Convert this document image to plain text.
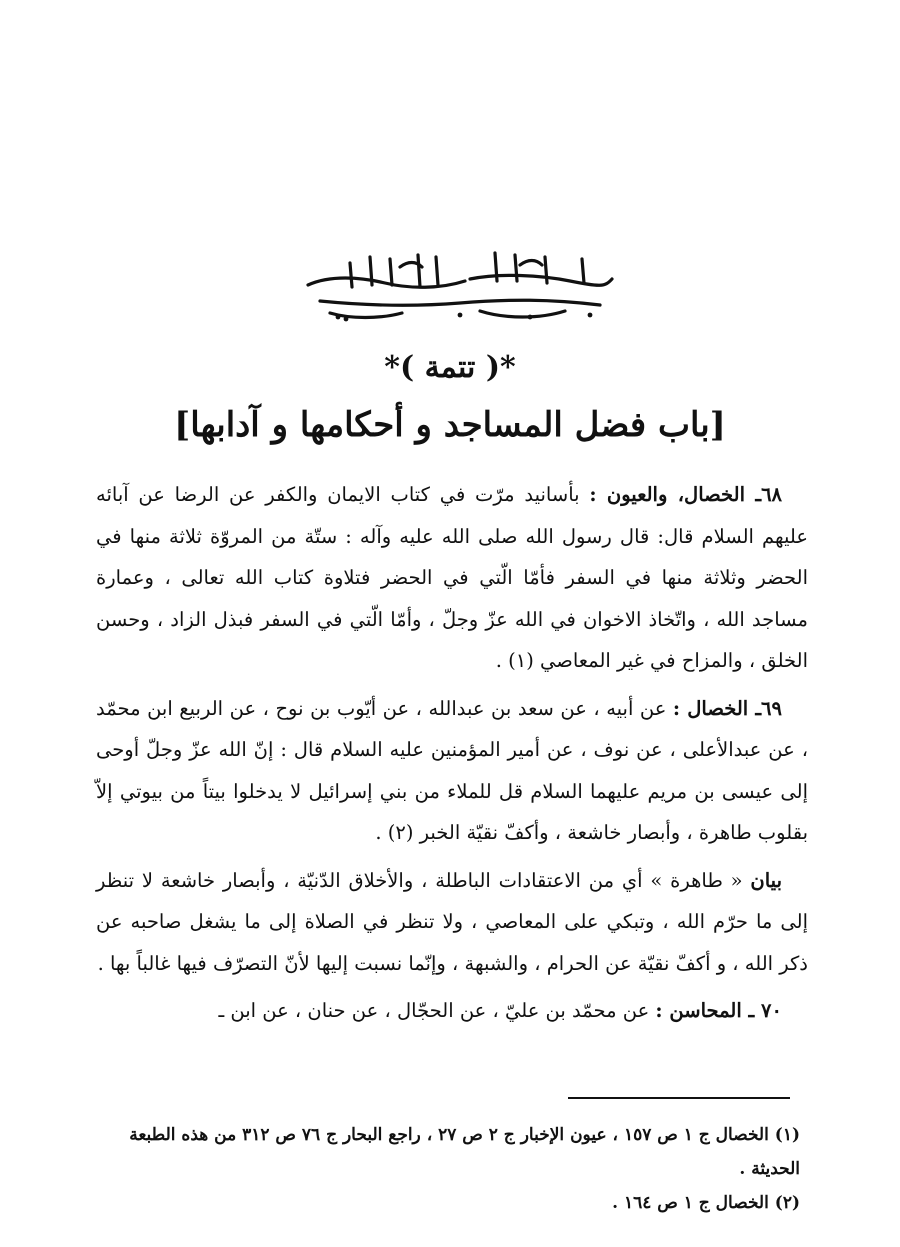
*( تتمة )*
[باب فضل المساجد و أحكامها و آدابها]

٦٨ـ الخصال، والعيون : بأسانيد مرّت في كتاب الايمان والكفر عن الرضا عن آبائه عليهم السلام قال: قال رسول الله صلى الله عليه وآله : ستّة من المروّة ثلاثة منها في الحضر وثلاثة منها في السفر فأمّا الّتي في الحضر فتلاوة كتاب الله تعالى ، وعمارة مساجد الله ، واتّخاذ الاخوان في الله عزّ وجلّ ، وأمّا الّتي في السفر فبذل الزاد ، وحسن الخلق ، والمزاح في غير المعاصي (١) .

٦٩ـ الخصال : عن أبيه ، عن سعد بن عبدالله ، عن أيّوب بن نوح ، عن الربيع ابن محمّد ، عن عبدالأعلى ، عن نوف ، عن أمير المؤمنين عليه السلام قال : إنّ الله عزّ وجلّ أوحى إلى عيسى بن مريم عليهما السلام قل للملاء من بني إسرائيل لا يدخلوا بيتاً من بيوتي إلاّ بقلوب طاهرة ، وأبصار خاشعة ، وأكفّ نقيّة الخبر (٢) .

بيان « طاهرة » أي من الاعتقادات الباطلة ، والأخلاق الدّنيّة ، وأبصار خاشعة لا تنظر إلى ما حرّم الله ، وتبكي على المعاصي ، ولا تنظر في الصلاة إلى ما يشغل صاحبه عن ذكر الله ، و أكفّ نقيّة عن الحرام ، والشبهة ، وإنّما نسبت إليها لأنّ التصرّف فيها غالباً بها .

٧٠ ـ المحاسن : عن محمّد بن عليّ ، عن الحجّال ، عن حنان ، عن ابن ـ

(١) الخصال ج ١ ص ١٥٧ ، عيون الإخبار ج ٢ ص ٢٧ ، راجع البحار ج ٧٦ ص ٣١٢ من هذه الطبعة الحديثة .

(٢) الخصال ج ١ ص ١٦٤ .
